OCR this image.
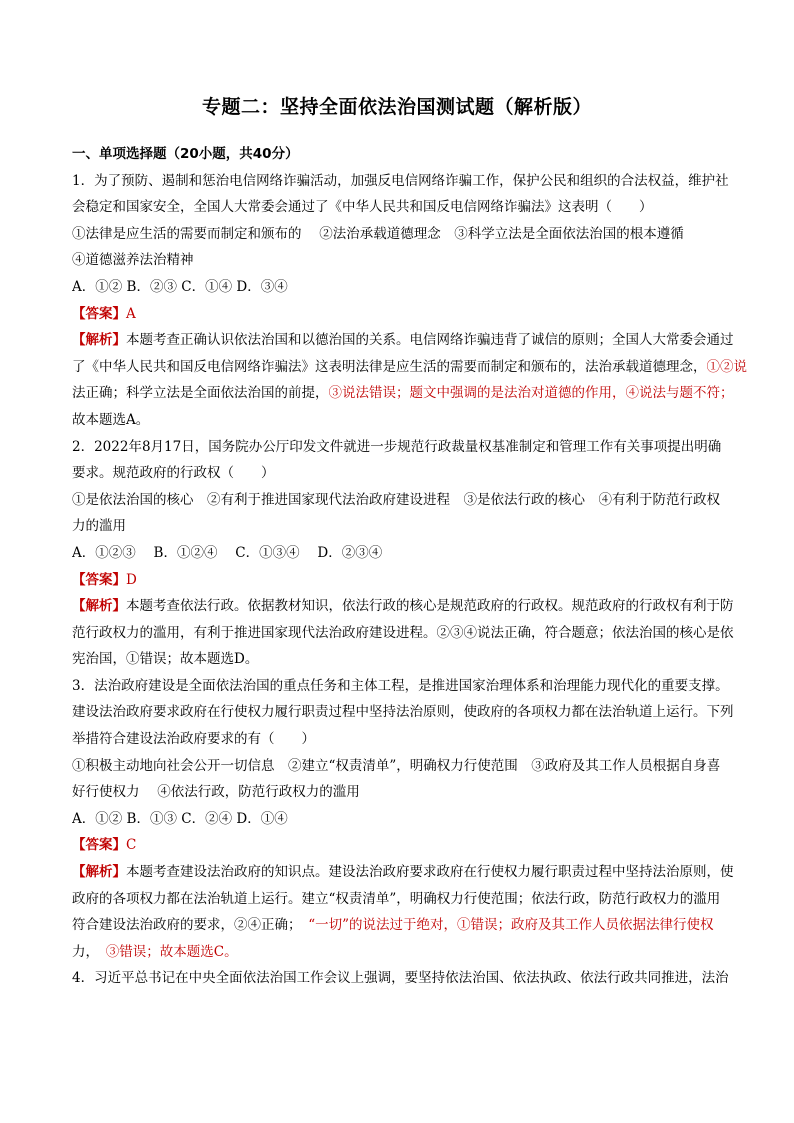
专题二：坚持全面依法治国测试题（解析版）
一、单项选择题（20小题，共40分）
1．为了预防、遏制和惩治电信网络诈骗活动，加强反电信网络诈骗工作，保护公民和组织的合法权益，维护社
会稳定和国家安全，全国人大常委会通过了《中华人民共和国反电信网络诈骗法》这表明（　　）
①法律是应生活的需要而制定和颁布的　 ②法治承载道德理念　③科学立法是全面依法治国的根本遵循
④道德滋养法治精神
A．①② B．②③ C．①④ D．③④
【答案】A
【解析】本题考查正确认识依法治国和以德治国的关系。电信网络诈骗违背了诚信的原则；全国人大常委会通过
了《中华人民共和国反电信网络诈骗法》这表明法律是应生活的需要而制定和颁布的，法治承载道德理念，①②说
法正确；科学立法是全面依法治国的前提，③说法错误；题文中强调的是法治对道德的作用，④说法与题不符；
故本题选A。
2．2022年8月17日，国务院办公厅印发文件就进一步规范行政裁量权基准制定和管理工作有关事项提出明确
要求。规范政府的行政权（　　）
①是依法治国的核心　②有利于推进国家现代法治政府建设进程　③是依法行政的核心　④有利于防范行政权
力的滥用
A．①②③　 B．①②④　 C．①③④　 D．②③④
【答案】D
【解析】本题考查依法行政。依据教材知识，依法行政的核心是规范政府的行政权。规范政府的行政权有利于防
范行政权力的滥用，有利于推进国家现代法治政府建设进程。②③④说法正确，符合题意；依法治国的核心是依
宪治国，①错误；故本题选D。
3．法治政府建设是全面依法治国的重点任务和主体工程，是推进国家治理体系和治理能力现代化的重要支撑。
建设法治政府要求政府在行使权力履行职责过程中坚持法治原则，使政府的各项权力都在法治轨道上运行。下列
举措符合建设法治政府要求的有（　　）
①积极主动地向社会公开一切信息　②建立“权责清单”，明确权力行使范围　③政府及其工作人员根据自身喜
好行使权力　 ④依法行政，防范行政权力的滥用
A．①② B．①③ C．②④ D．①④
【答案】C
【解析】本题考查建设法治政府的知识点。建设法治政府要求政府在行使权力履行职责过程中坚持法治原则，使
政府的各项权力都在法治轨道上运行。建立“权责清单”，明确权力行使范围；依法行政，防范行政权力的滥用
符合建设法治政府的要求，②④正确；　“一切”的说法过于绝对，①错误；政府及其工作人员依据法律行使权
力，　③错误；故本题选C。
4．习近平总书记在中央全面依法治国工作会议上强调，要坚持依法治国、依法执政、依法行政共同推进，法治
